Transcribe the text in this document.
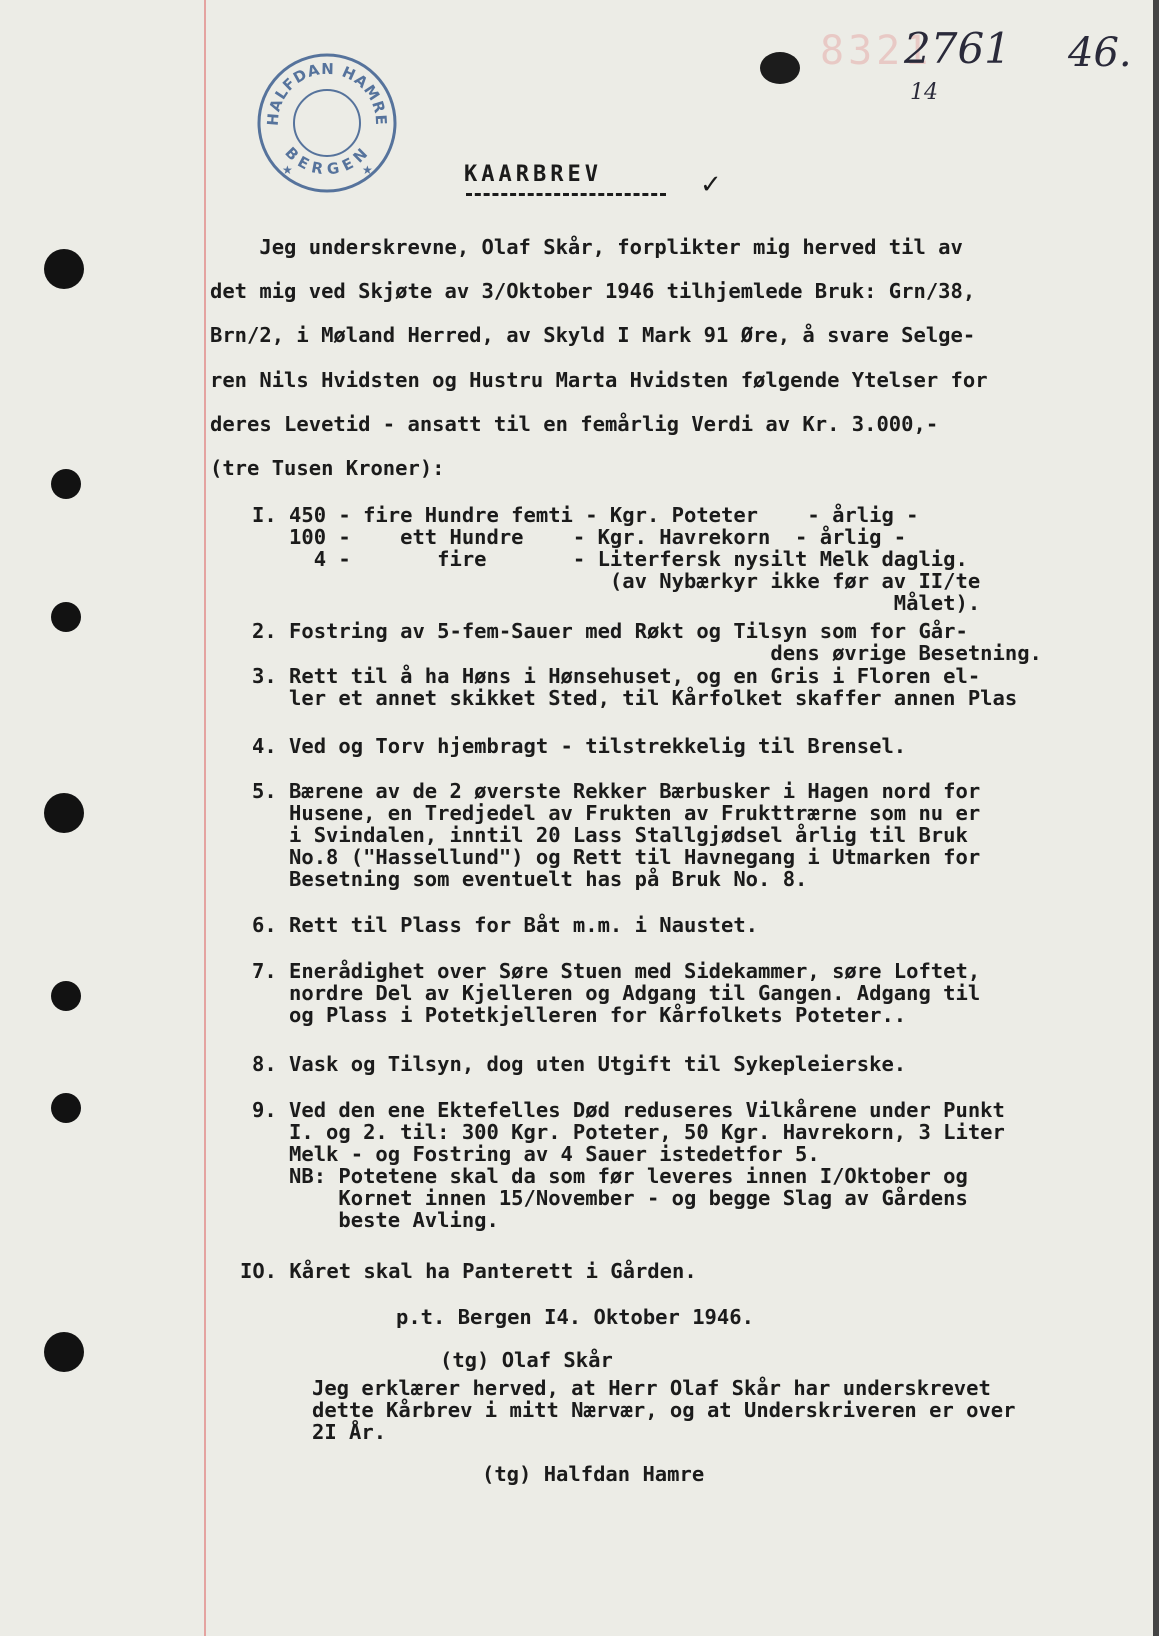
HALFDAN HAMRE
BERGEN
★	★
8321
2761 46.
14

KAARBREV	✓

Jeg underskrevne, Olaf Skår, forplikter mig herved til av

det mig ved Skjøte av 3/Oktober 1946 tilhjemlede Bruk: Grn/38,

Brn/2, i Møland Herred, av Skyld I Mark 91 Øre, å svare Selge-

ren Nils Hvidsten og Hustru Marta Hvidsten følgende Ytelser for

deres Levetid - ansatt til en femårlig Verdi av Kr. 3.000,-

(tre Tusen Kroner):

I. 450 - fire Hundre femti - Kgr. Poteter    - årlig -
100 -    ett Hundre    - Kgr. Havrekorn  - årlig -
4 -       fire       - Literfersk nysilt Melk daglig.
(av Nybærkyr ikke før av II/te
Målet).

2. Fostring av 5-fem-Sauer med Røkt og Tilsyn som for Går-
dens øvrige Besetning.

3. Rett til å ha Høns i Hønsehuset, og en Gris i Floren el-
ler et annet skikket Sted, til Kårfolket skaffer annen Plas

4. Ved og Torv hjembragt - tilstrekkelig til Brensel.

5. Bærene av de 2 øverste Rekker Bærbusker i Hagen nord for
Husene, en Tredjedel av Frukten av Frukttrærne som nu er
i Svindalen, inntil 20 Lass Stallgjødsel årlig til Bruk
No.8 ("Hassellund") og Rett til Havnegang i Utmarken for
Besetning som eventuelt has på Bruk No. 8.

6. Rett til Plass for Båt m.m. i Naustet.

7. Enerådighet over Søre Stuen med Sidekammer, søre Loftet,
nordre Del av Kjelleren og Adgang til Gangen. Adgang til
og Plass i Potetkjelleren for Kårfolkets Poteter..

8. Vask og Tilsyn, dog uten Utgift til Sykepleierske.

9. Ved den ene Ektefelles Død reduseres Vilkårene under Punkt
I. og 2. til: 300 Kgr. Poteter, 50 Kgr. Havrekorn, 3 Liter
Melk - og Fostring av 4 Sauer istedetfor 5.
NB: Potetene skal da som før leveres innen I/Oktober og
Kornet innen 15/November - og begge Slag av Gårdens
beste Avling.

IO. Kåret skal ha Panterett i Gården.

p.t. Bergen I4. Oktober 1946.

(tg) Olaf Skår

Jeg erklærer herved, at Herr Olaf Skår har underskrevet
dette Kårbrev i mitt Nærvær, og at Underskriveren er over
2I År.

(tg) Halfdan Hamre
